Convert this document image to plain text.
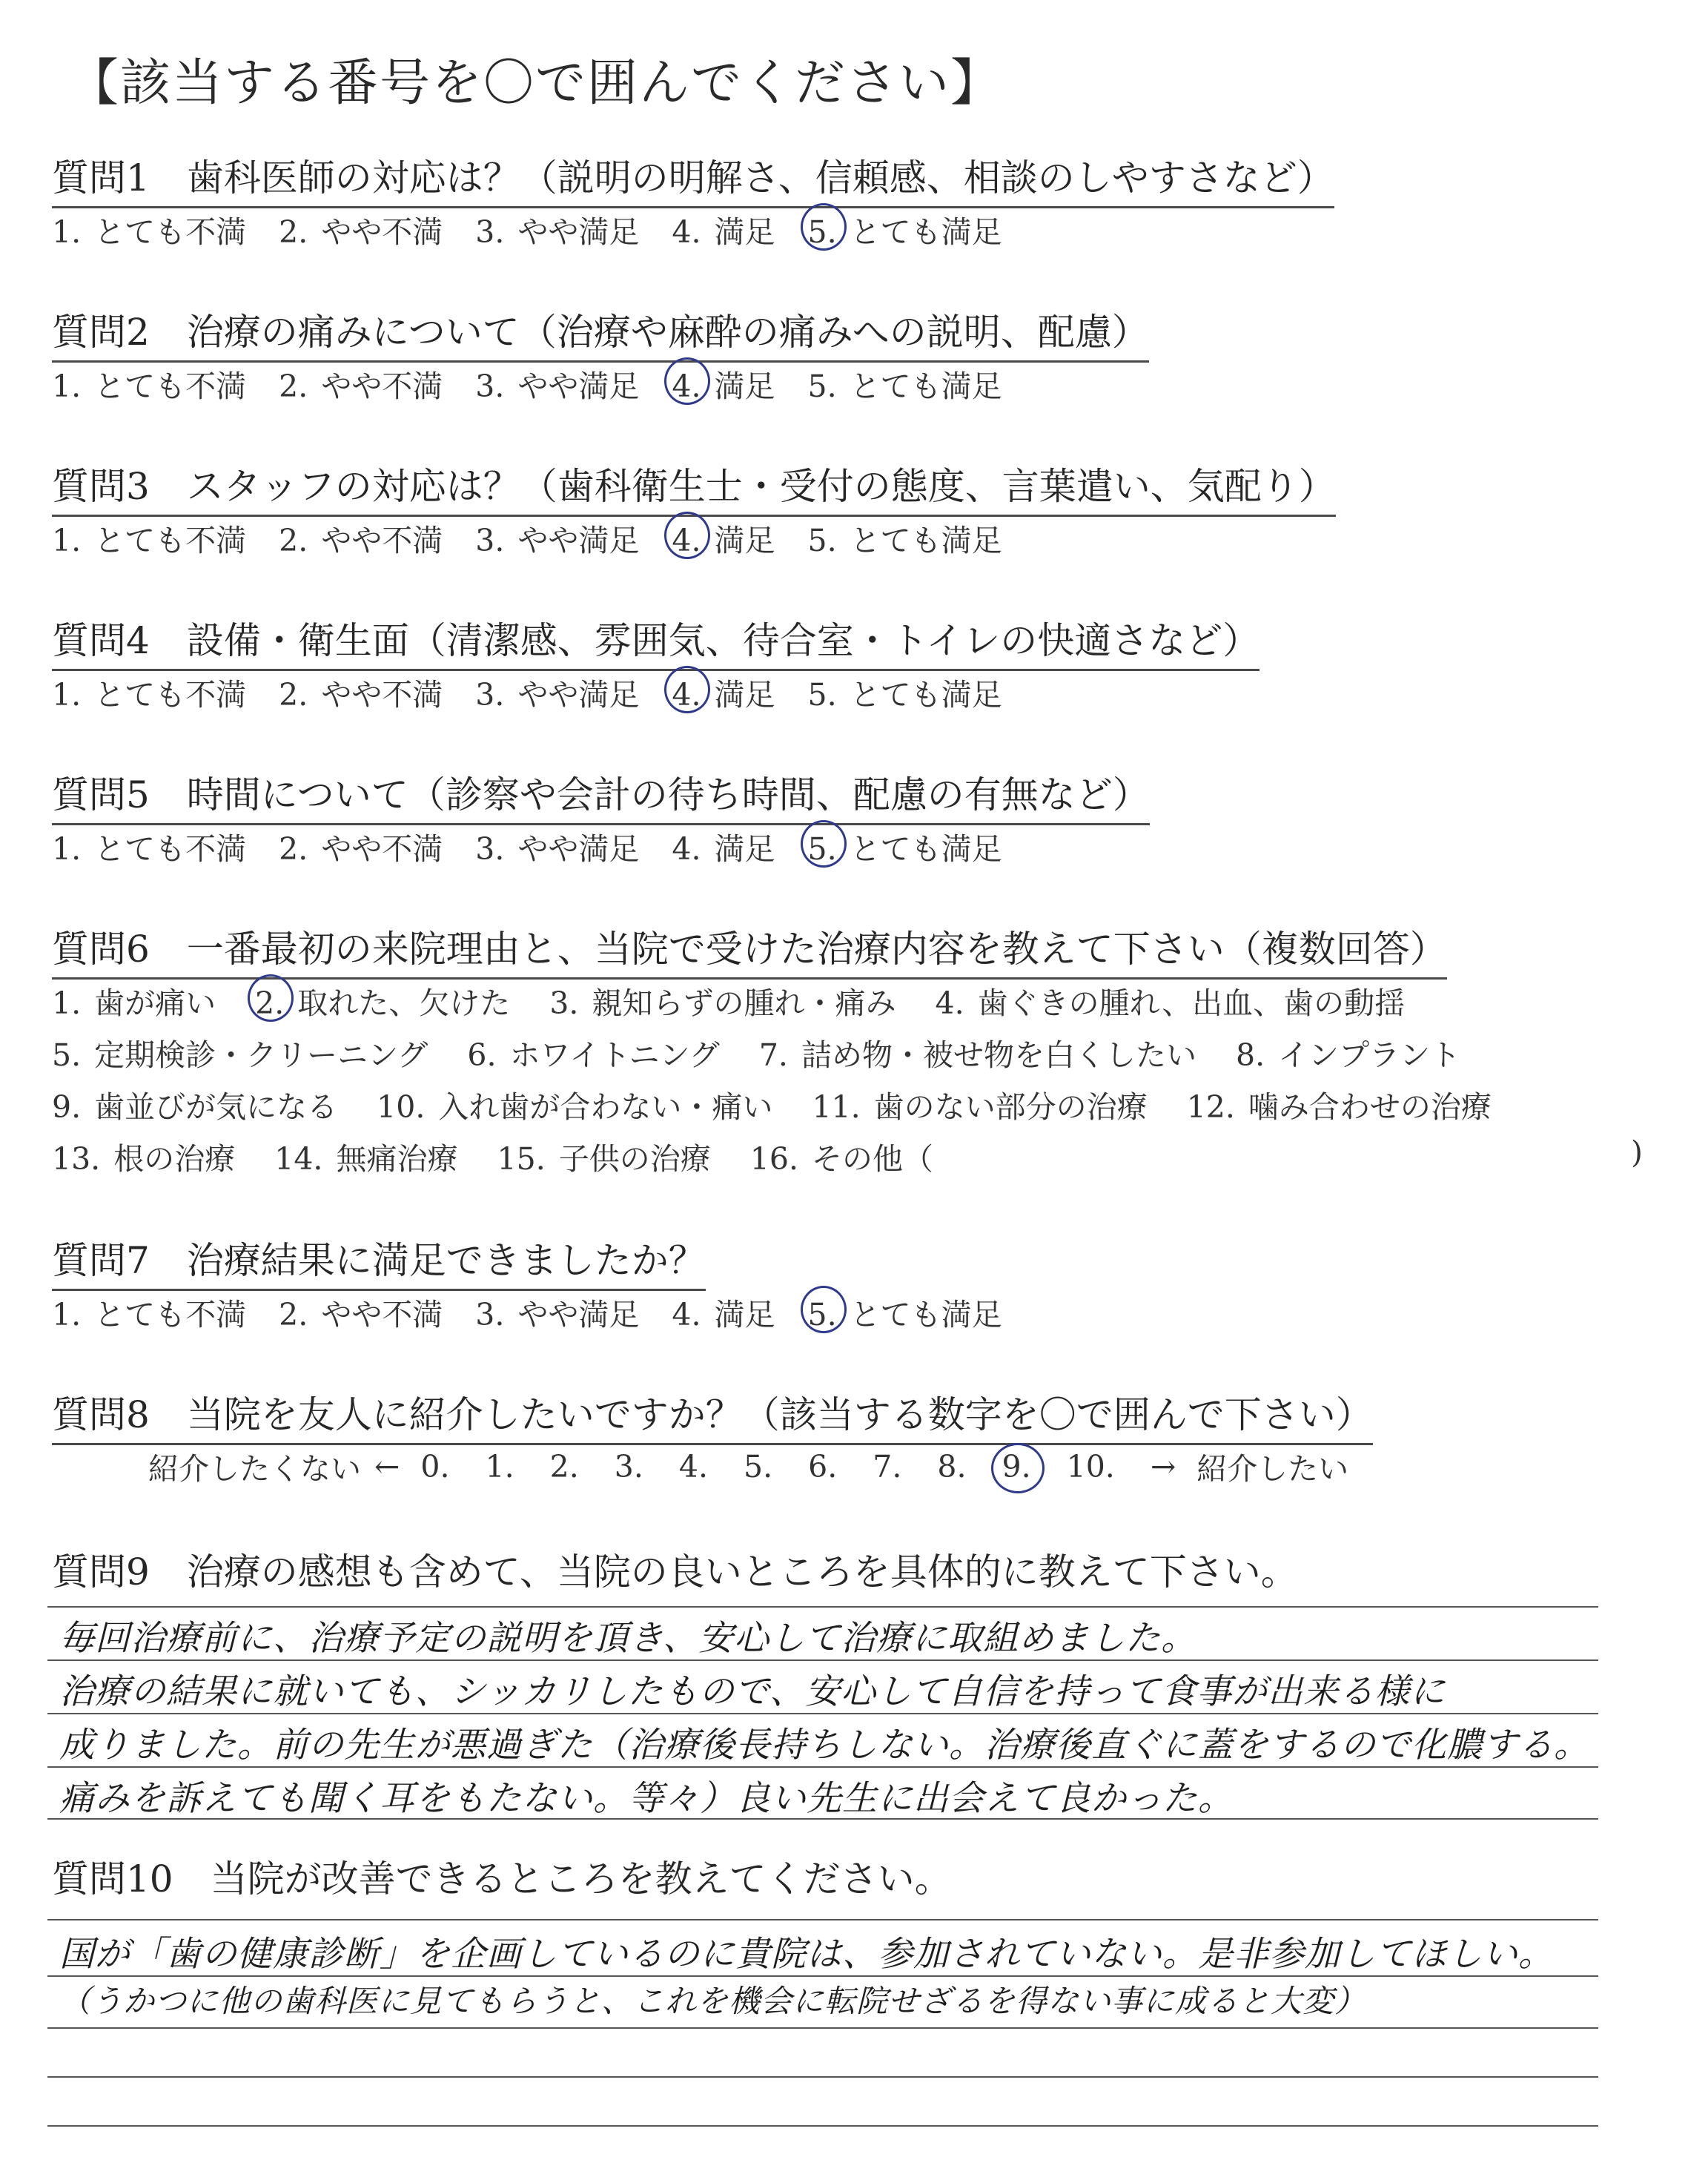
【該当する番号を〇で囲んでください】
質問1　歯科医師の対応は？（説明の明解さ、信頼感、相談のしやすさなど）
1. とても不満 2. やや不満 3. やや満足 4. 満足 5. とても満足
質問2　治療の痛みについて（治療や麻酔の痛みへの説明、配慮）
1. とても不満 2. やや不満 3. やや満足 4. 満足 5. とても満足
質問3　スタッフの対応は？（歯科衛生士・受付の態度、言葉遣い、気配り）
1. とても不満 2. やや不満 3. やや満足 4. 満足 5. とても満足
質問4　設備・衛生面（清潔感、雰囲気、待合室・トイレの快適さなど）
1. とても不満 2. やや不満 3. やや満足 4. 満足 5. とても満足
質問5　時間について（診察や会計の待ち時間、配慮の有無など）
1. とても不満 2. やや不満 3. やや満足 4. 満足 5. とても満足
質問6　一番最初の来院理由と、当院で受けた治療内容を教えて下さい（複数回答）
1. 歯が痛い 2. 取れた、欠けた 3. 親知らずの腫れ・痛み 4. 歯ぐきの腫れ、出血、歯の動揺
5. 定期検診・クリーニング 6. ホワイトニング 7. 詰め物・被せ物を白くしたい 8. インプラント
9. 歯並びが気になる 10. 入れ歯が合わない・痛い 11. 歯のない部分の治療 12. 噛み合わせの治療
13. 根の治療 14. 無痛治療 15. 子供の治療 16. その他（	)
質問7　治療結果に満足できましたか？
1. とても不満 2. やや不満 3. やや満足 4. 満足 5. とても満足
質問8　当院を友人に紹介したいですか？（該当する数字を〇で囲んで下さい）
紹介したくない ← 0. 1. 2. 3. 4. 5. 6. 7. 8. 9. 10. → 紹介したい
質問9　治療の感想も含めて、当院の良いところを具体的に教えて下さい。
毎回治療前に、治療予定の説明を頂き、安心して治療に取組めました。
治療の結果に就いても、シッカリしたもので、安心して自信を持って食事が出来る様に
成りました。前の先生が悪過ぎた（治療後長持ちしない。治療後直ぐに蓋をするので化膿する。
痛みを訴えても聞く耳をもたない。等々）良い先生に出会えて良かった。
質問10　当院が改善できるところを教えてください。
国が「歯の健康診断」を企画しているのに貴院は、参加されていない。是非参加してほしい。
（うかつに他の歯科医に見てもらうと、これを機会に転院せざるを得ない事に成ると大変）
